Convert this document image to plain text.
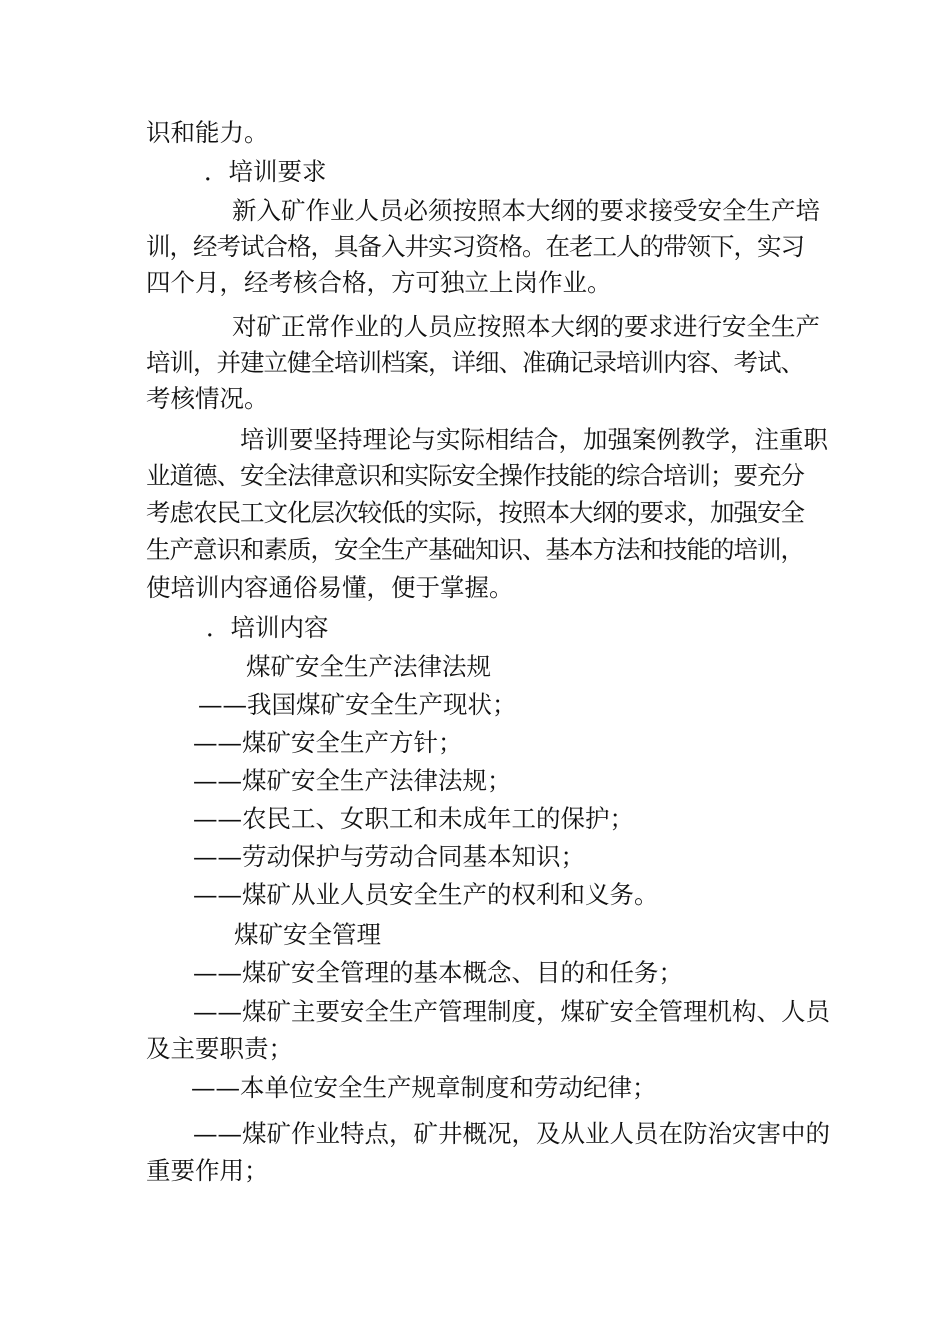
识和能力。
．培训要求
新入矿作业人员必须按照本大纲的要求接受安全生产培
训，经考试合格，具备入井实习资格。在老工人的带领下，实习
四个月，经考核合格，方可独立上岗作业。
对矿正常作业的人员应按照本大纲的要求进行安全生产
培训，并建立健全培训档案，详细、准确记录培训内容、考试、
考核情况。
培训要坚持理论与实际相结合，加强案例教学，注重职
业道德、安全法律意识和实际安全操作技能的综合培训；要充分
考虑农民工文化层次较低的实际，按照本大纲的要求，加强安全
生产意识和素质，安全生产基础知识、基本方法和技能的培训，
使培训内容通俗易懂，便于掌握。
．培训内容
煤矿安全生产法律法规
——我国煤矿安全生产现状；
——煤矿安全生产方针；
——煤矿安全生产法律法规；
——农民工、女职工和未成年工的保护；
——劳动保护与劳动合同基本知识；
——煤矿从业人员安全生产的权利和义务。
煤矿安全管理
——煤矿安全管理的基本概念、目的和任务；
——煤矿主要安全生产管理制度，煤矿安全管理机构、人员
及主要职责；
——本单位安全生产规章制度和劳动纪律；
——煤矿作业特点，矿井概况，及从业人员在防治灾害中的
重要作用；
